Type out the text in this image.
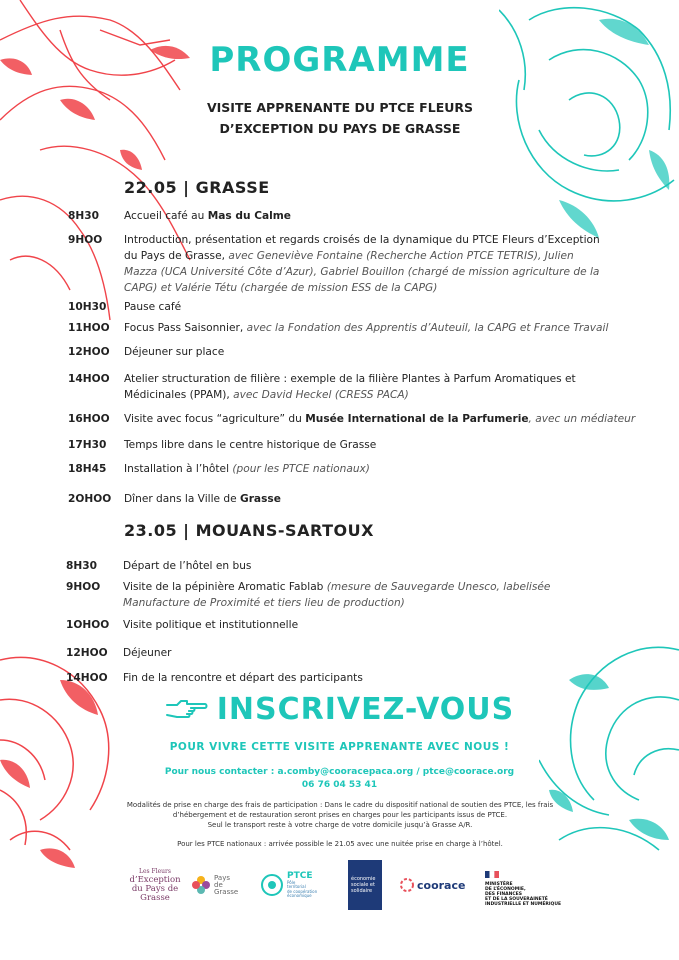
PROGRAMME
VISITE APPRENANTE DU PTCE FLEURS
D’EXCEPTION DU PAYS DE GRASSE
22.05 | GRASSE
8H30 Accueil café au Mas du Calme
9HOO Introduction, présentation et regards croisés de la dynamique du PTCE Fleurs d’Exception
du Pays de Grasse, avec Geneviève Fontaine (Recherche Action PTCE TETRIS), Julien
Mazza (UCA Université Côte d’Azur), Gabriel Bouillon (chargé de mission agriculture de la
CAPG) et Valérie Tétu (chargée de mission ESS de la CAPG)
10H30 Pause café
11HOO Focus Pass Saisonnier, avec la Fondation des Apprentis d’Auteuil, la CAPG et France Travail
12HOO Déjeuner sur place
14HOO Atelier structuration de filière : exemple de la filière Plantes à Parfum Aromatiques et
Médicinales (PPAM), avec David Heckel (CRESS PACA)
16HOO Visite avec focus “agriculture” du Musée International de la Parfumerie, avec un médiateur
17H30 Temps libre dans le centre historique de Grasse
18H45 Installation à l’hôtel (pour les PTCE nationaux)
2OHOO Dîner dans la Ville de Grasse
23.05 | MOUANS-SARTOUX
8H30 Départ de l’hôtel en bus
9HOO Visite de la pépinière Aromatic Fablab (mesure de Sauvegarde Unesco, labelisée
Manufacture de Proximité et tiers lieu de production)
1OHOO Visite politique et institutionnelle
12HOO Déjeuner
14HOO Fin de la rencontre et départ des participants
INSCRIVEZ-VOUS
POUR VIVRE CETTE VISITE APPRENANTE AVEC NOUS !
Pour nous contacter : a.comby@cooracepaca.org / ptce@coorace.org
06 76 04 53 41
Modalités de prise en charge des frais de participation : Dans le cadre du dispositif national de soutien des PTCE, les frais
d’hébergement et de restauration seront prises en charges pour les participants issus de PTCE.
Seul le transport reste à votre charge de votre domicile jusqu’à Grasse A/R.
Pour les PTCE nationaux : arrivée possible le 21.05 avec une nuitée prise en charge à l’hôtel.
Les Fleurs
d’Exception
du Pays de
Grasse
Pays
de
Grasse
PTCE
Pôle
territorial
de coopération
économique
économie
sociale et
solidaire	coorace	MINISTÈRE
DE L’ÉCONOMIE,
DES FINANCES
ET DE LA SOUVERAINETÉ
INDUSTRIELLE ET NUMÉRIQUE
